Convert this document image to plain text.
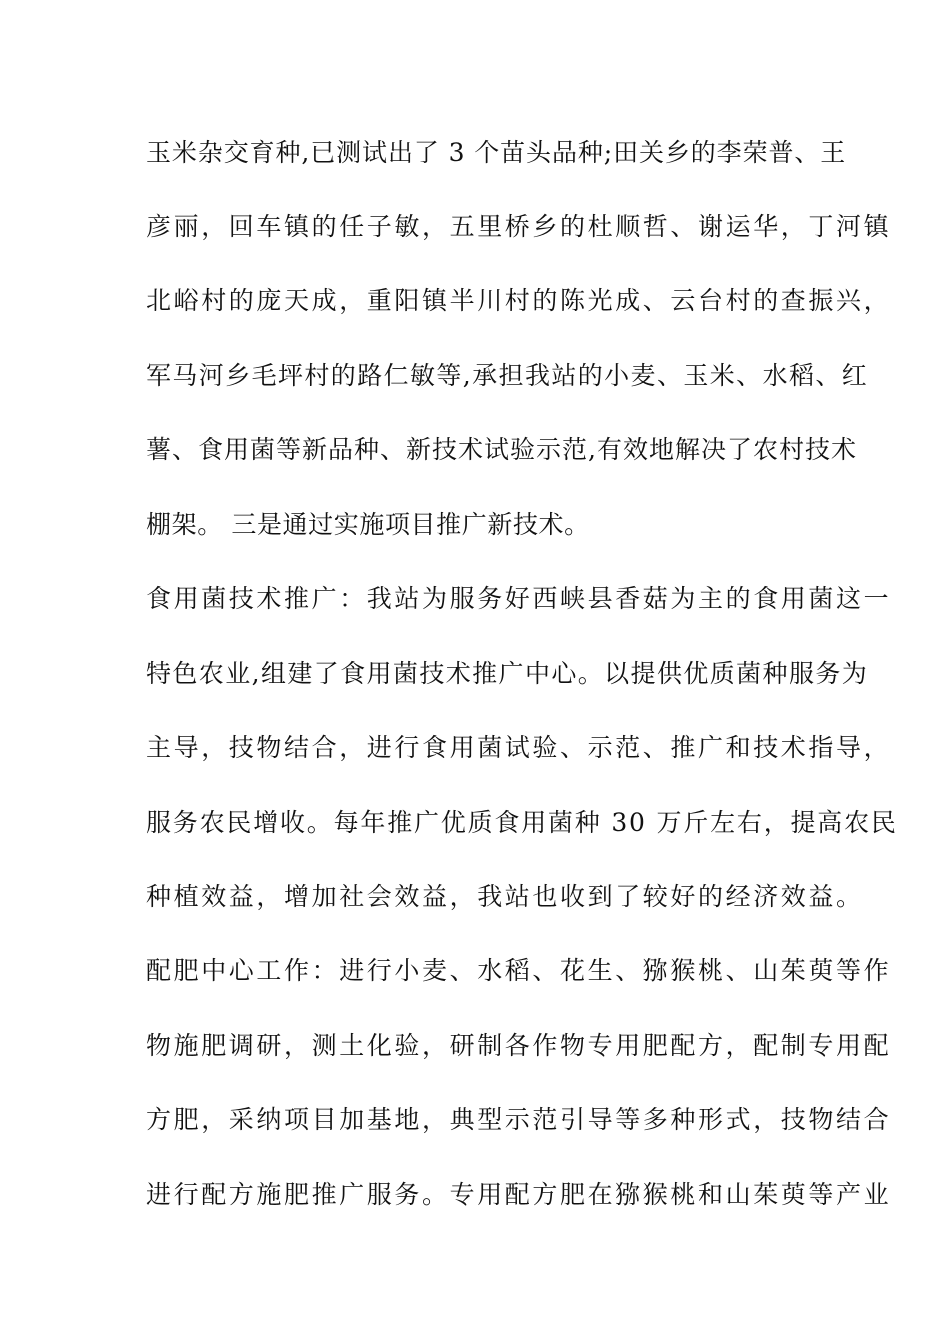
玉米杂交育种,已测试出了 3 个苗头品种;田关乡的李荣普、王
彦丽，回车镇的任子敏，五里桥乡的杜顺哲、谢运华，丁河镇
北峪村的庞天成，重阳镇半川村的陈光成、云台村的查振兴，
军马河乡毛坪村的路仁敏等,承担我站的小麦、玉米、水稻、红
薯、食用菌等新品种、新技术试验示范,有效地解决了农村技术
棚架。 三是通过实施项目推广新技术。
食用菌技术推广：我站为服务好西峡县香菇为主的食用菌这一
特色农业,组建了食用菌技术推广中心。以提供优质菌种服务为
主导，技物结合，进行食用菌试验、示范、推广和技术指导，
服务农民增收。每年推广优质食用菌种 30 万斤左右，提高农民
种植效益，增加社会效益，我站也收到了较好的经济效益。
配肥中心工作：进行小麦、水稻、花生、猕猴桃、山茱萸等作
物施肥调研，测土化验，研制各作物专用肥配方，配制专用配
方肥，采纳项目加基地，典型示范引导等多种形式，技物结合
进行配方施肥推广服务。专用配方肥在猕猴桃和山茱萸等产业
